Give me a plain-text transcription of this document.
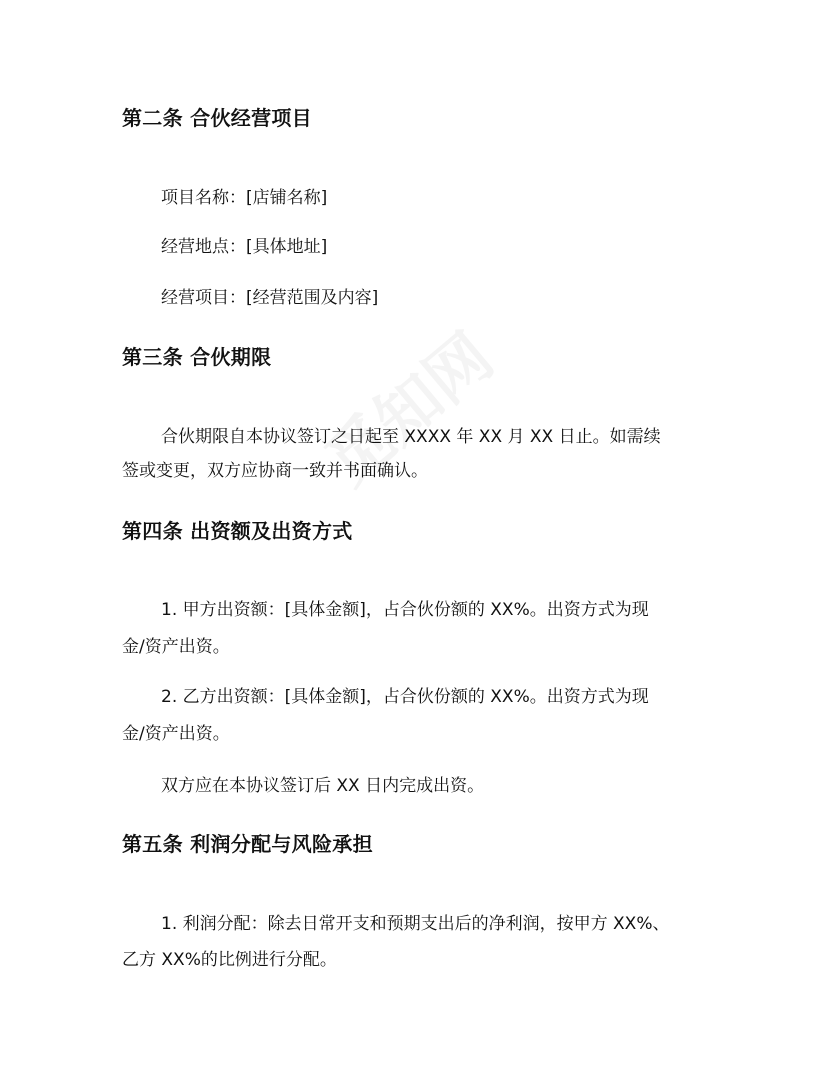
第二条 合伙经营项目
项目名称：[店铺名称]
经营地点：[具体地址]
经营项目：[经营范围及内容]
第三条 合伙期限
合伙期限自本协议签订之日起至 XXXX 年 XX 月 XX 日止。如需续
签或变更，双方应协商一致并书面确认。
第四条 出资额及出资方式
1. 甲方出资额：[具体金额]，占合伙份额的 XX%。出资方式为现
金/资产出资。
2. 乙方出资额：[具体金额]，占合伙份额的 XX%。出资方式为现
金/资产出资。
双方应在本协议签订后 XX 日内完成出资。
第五条 利润分配与风险承担
1. 利润分配：除去日常开支和预期支出后的净利润，按甲方 XX%、
乙方 XX%的比例进行分配。
